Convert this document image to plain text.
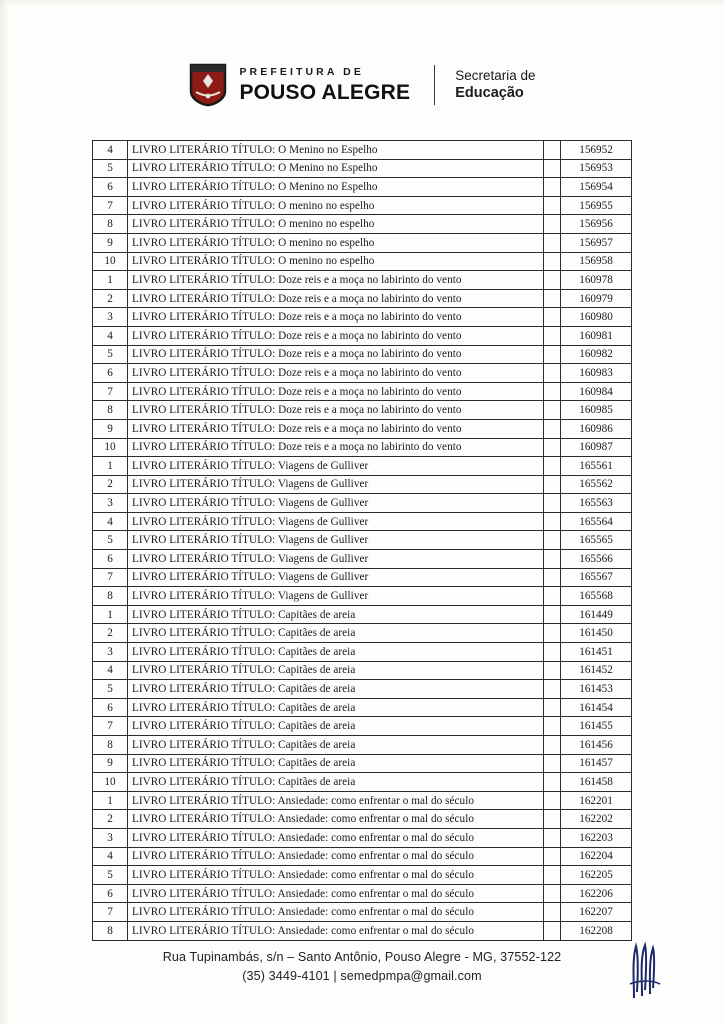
PREFEITURA DE
POUSO ALEGRE
Secretaria de
Educação
4	LIVRO LITERÁRIO TÍTULO: O Menino no Espelho		156952
5	LIVRO LITERÁRIO TÍTULO: O Menino no Espelho		156953
6	LIVRO LITERÁRIO TÍTULO: O Menino no Espelho		156954
7	LIVRO LITERÁRIO TÍTULO: O menino no espelho		156955
8	LIVRO LITERÁRIO TÍTULO: O menino no espelho		156956
9	LIVRO LITERÁRIO TÍTULO: O menino no espelho		156957
10	LIVRO LITERÁRIO TÍTULO: O menino no espelho		156958
1	LIVRO LITERÁRIO TÍTULO: Doze reis e a moça no labirinto do vento		160978
2	LIVRO LITERÁRIO TÍTULO: Doze reis e a moça no labirinto do vento		160979
3	LIVRO LITERÁRIO TÍTULO: Doze reis e a moça no labirinto do vento		160980
4	LIVRO LITERÁRIO TÍTULO: Doze reis e a moça no labirinto do vento		160981
5	LIVRO LITERÁRIO TÍTULO: Doze reis e a moça no labirinto do vento		160982
6	LIVRO LITERÁRIO TÍTULO: Doze reis e a moça no labirinto do vento		160983
7	LIVRO LITERÁRIO TÍTULO: Doze reis e a moça no labirinto do vento		160984
8	LIVRO LITERÁRIO TÍTULO: Doze reis e a moça no labirinto do vento		160985
9	LIVRO LITERÁRIO TÍTULO: Doze reis e a moça no labirinto do vento		160986
10	LIVRO LITERÁRIO TÍTULO: Doze reis e a moça no labirinto do vento		160987
1	LIVRO LITERÁRIO TÍTULO: Viagens de Gulliver		165561
2	LIVRO LITERÁRIO TÍTULO: Viagens de Gulliver		165562
3	LIVRO LITERÁRIO TÍTULO: Viagens de Gulliver		165563
4	LIVRO LITERÁRIO TÍTULO: Viagens de Gulliver		165564
5	LIVRO LITERÁRIO TÍTULO: Viagens de Gulliver		165565
6	LIVRO LITERÁRIO TÍTULO: Viagens de Gulliver		165566
7	LIVRO LITERÁRIO TÍTULO: Viagens de Gulliver		165567
8	LIVRO LITERÁRIO TÍTULO: Viagens de Gulliver		165568
1	LIVRO LITERÁRIO TÍTULO: Capitães de areia		161449
2	LIVRO LITERÁRIO TÍTULO: Capitães de areia		161450
3	LIVRO LITERÁRIO TÍTULO: Capitães de areia		161451
4	LIVRO LITERÁRIO TÍTULO: Capitães de areia		161452
5	LIVRO LITERÁRIO TÍTULO: Capitães de areia		161453
6	LIVRO LITERÁRIO TÍTULO: Capitães de areia		161454
7	LIVRO LITERÁRIO TÍTULO: Capitães de areia		161455
8	LIVRO LITERÁRIO TÍTULO: Capitães de areia		161456
9	LIVRO LITERÁRIO TÍTULO: Capitães de areia		161457
10	LIVRO LITERÁRIO TÍTULO: Capitães de areia		161458
1	LIVRO LITERÁRIO TÍTULO: Ansiedade: como enfrentar o mal do século		162201
2	LIVRO LITERÁRIO TÍTULO: Ansiedade: como enfrentar o mal do século		162202
3	LIVRO LITERÁRIO TÍTULO: Ansiedade: como enfrentar o mal do século		162203
4	LIVRO LITERÁRIO TÍTULO: Ansiedade: como enfrentar o mal do século		162204
5	LIVRO LITERÁRIO TÍTULO: Ansiedade: como enfrentar o mal do século		162205
6	LIVRO LITERÁRIO TÍTULO: Ansiedade: como enfrentar o mal do século		162206
7	LIVRO LITERÁRIO TÍTULO: Ansiedade: como enfrentar o mal do século		162207
8	LIVRO LITERÁRIO TÍTULO: Ansiedade: como enfrentar o mal do século		162208
Rua Tupinambás, s/n – Santo Antônio, Pouso Alegre - MG, 37552-122
(35) 3449-4101 | semedpmpa@gmail.com
